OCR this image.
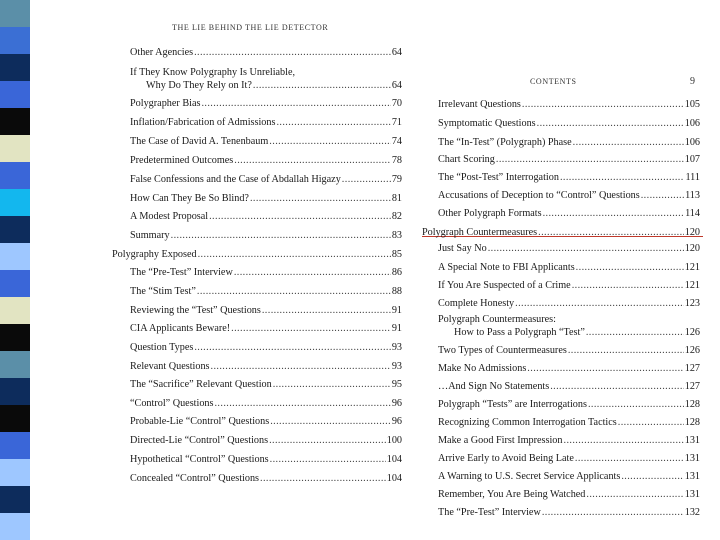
THE LIE BEHIND THE LIE DETECTOR
Other Agencies .....	64
If They Know Polygraphy Is Unreliable,
Why Do They Rely on It? .....	64
Polygrapher Bias .....	70
Inflation/Fabrication of Admissions .....	71
The Case of David A. Tenenbaum .....	74
Predetermined Outcomes .....	78
False Confessions and the Case of Abdallah Higazy .....	79
How Can They Be So Blind? .....	81
A Modest Proposal .....	82
Summary .....	83
Polygraphy Exposed .....	85
The “Pre-Test” Interview .....	86
The “Stim Test” .....	88
Reviewing the “Test” Questions .....	91
CIA Applicants Beware! .....	91
Question Types .....	93
Relevant Questions .....	93
The “Sacrifice” Relevant Question .....	95
“Control” Questions .....	96
Probable-Lie “Control” Questions .....	96
Directed-Lie “Control” Questions .....	100
Hypothetical “Control” Questions .....	104
Concealed “Control” Questions .....	104
CONTENTS	9
Irrelevant Questions .....	105
Symptomatic Questions .....	106
The “In-Test” (Polygraph) Phase .....	106
Chart Scoring .....	107
The “Post-Test” Interrogation .....	111
Accusations of Deception to “Control” Questions .....	113
Other Polygraph Formats .....	114
Polygraph Countermeasures .....	120
Just Say No .....	120
A Special Note to FBI Applicants .....	121
If You Are Suspected of a Crime .....	121
Complete Honesty .....	123
Polygraph Countermeasures:
How to Pass a Polygraph “Test” .....	126
Two Types of Countermeasures .....	126
Make No Admissions .....	127
…And Sign No Statements .....	127
Polygraph “Tests” are Interrogations .....	128
Recognizing Common Interrogation Tactics .....	128
Make a Good First Impression .....	131
Arrive Early to Avoid Being Late .....	131
A Warning to U.S. Secret Service Applicants .....	131
Remember, You Are Being Watched .....	131
The “Pre-Test” Interview .....	132
